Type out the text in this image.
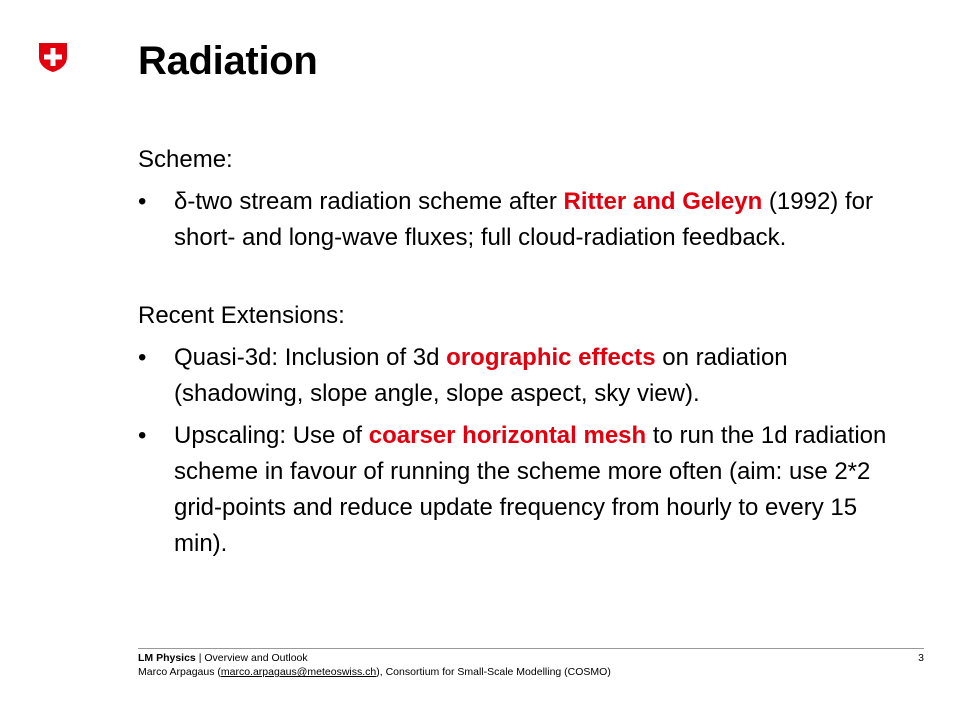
Radiation

Scheme:

• δ-two stream radiation scheme after Ritter and Geleyn (1992) for short- and long-wave fluxes; full cloud-radiation feedback.

Recent Extensions:

• Quasi-3d: Inclusion of 3d orographic effects on radiation (shadowing, slope angle, slope aspect, sky view).
• Upscaling: Use of coarser horizontal mesh to run the 1d radiation scheme in favour of running the scheme more often (aim: use 2*2 grid-points and reduce update frequency from hourly to every 15 min).
LM Physics | Overview and Outlook
Marco Arpagaus (marco.arpagaus@meteoswiss.ch), Consortium for Small-Scale Modelling (COSMO)
3
